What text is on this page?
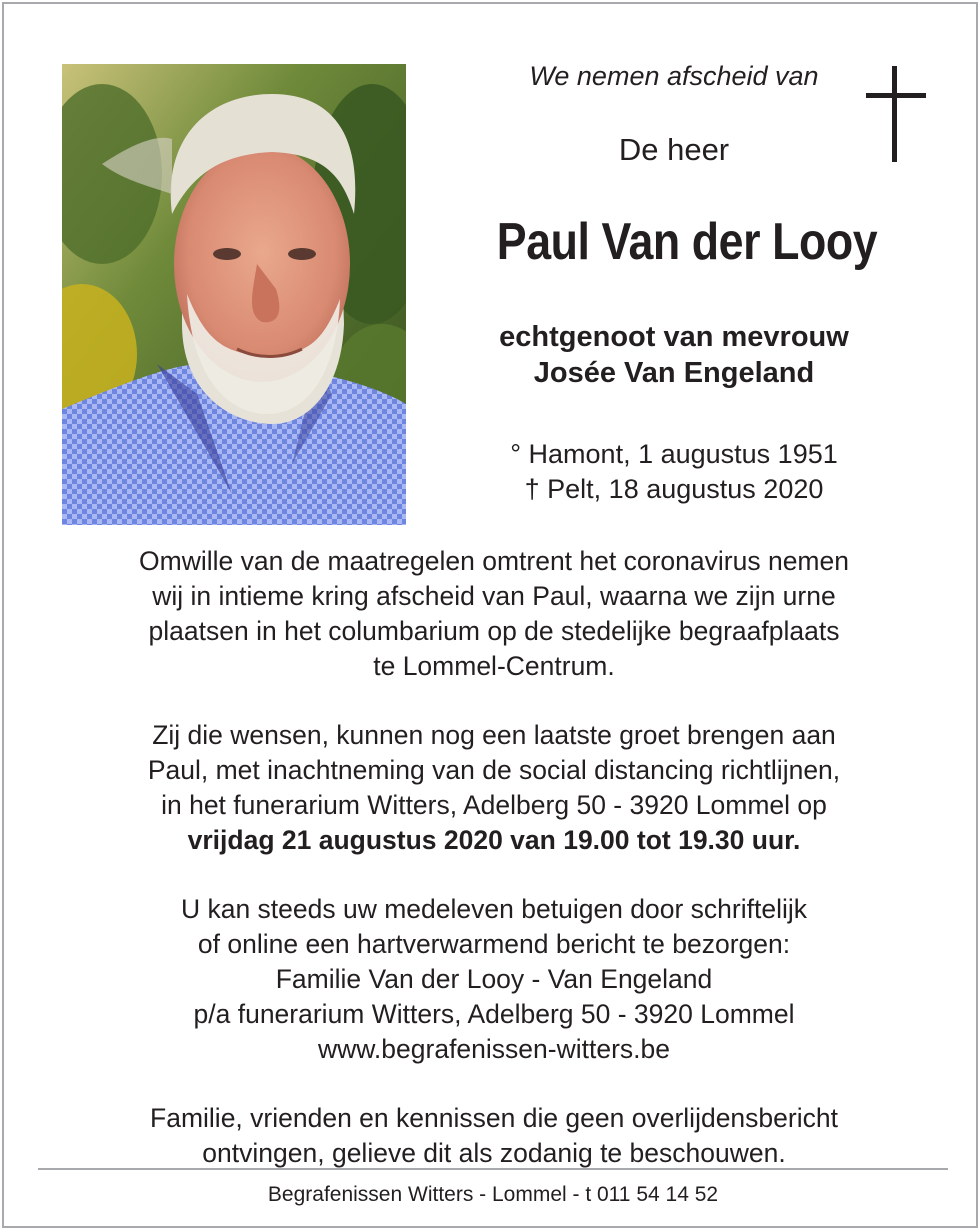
We nemen afscheid van
De heer
Paul Van der Looy
echtgenoot van mevrouw
Josée Van Engeland
° Hamont, 1 augustus 1951
† Pelt, 18 augustus 2020
Omwille van de maatregelen omtrent het coronavirus nemen
wij in intieme kring afscheid van Paul, waarna we zijn urne
plaatsen in het columbarium op de stedelijke begraafplaats
te Lommel-Centrum.
Zij die wensen, kunnen nog een laatste groet brengen aan
Paul, met inachtneming van de social distancing richtlijnen,
in het funerarium Witters, Adelberg 50 - 3920 Lommel op
vrijdag 21 augustus 2020 van 19.00 tot 19.30 uur.
U kan steeds uw medeleven betuigen door schriftelijk
of online een hartverwarmend bericht te bezorgen:
Familie Van der Looy - Van Engeland
p/a funerarium Witters, Adelberg 50 - 3920 Lommel
www.begrafenissen-witters.be
Familie, vrienden en kennissen die geen overlijdensbericht
ontvingen, gelieve dit als zodanig te beschouwen.
Begrafenissen Witters - Lommel - t 011 54 14 52
